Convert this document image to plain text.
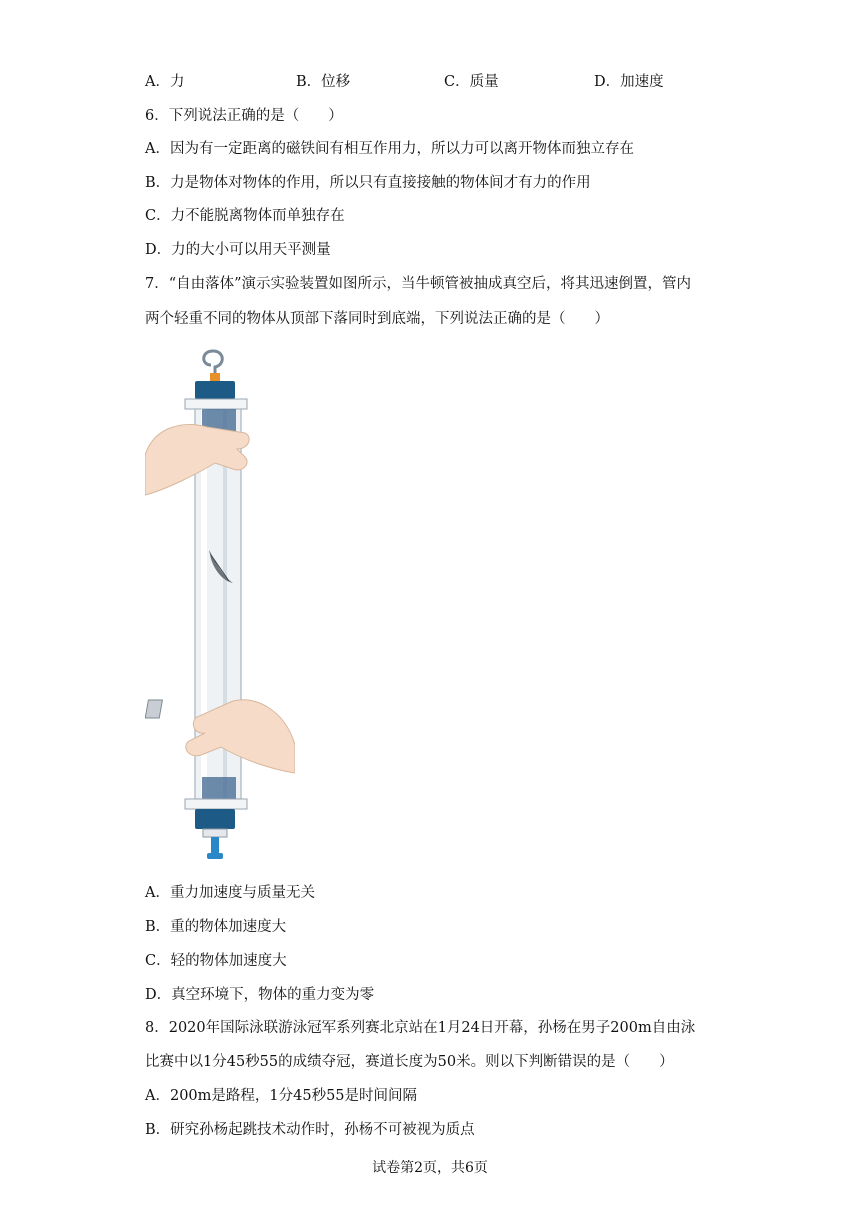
A．力	B．位移	C．质量	D．加速度
6．下列说法正确的是（　　）
A．因为有一定距离的磁铁间有相互作用力，所以力可以离开物体而独立存在
B．力是物体对物体的作用，所以只有直接接触的物体间才有力的作用
C．力不能脱离物体而单独存在
D．力的大小可以用天平测量
7．“自由落体”演示实验装置如图所示，当牛顿管被抽成真空后，将其迅速倒置，管内
两个轻重不同的物体从顶部下落同时到底端，下列说法正确的是（　　）
A．重力加速度与质量无关
B．重的物体加速度大
C．轻的物体加速度大
D．真空环境下，物体的重力变为零
8．2020年国际泳联游泳冠军系列赛北京站在1月24日开幕，孙杨在男子200m自由泳
比赛中以1分45秒55的成绩夺冠，赛道长度为50米。则以下判断错误的是（　　）
A．200m是路程，1分45秒55是时间间隔
B．研究孙杨起跳技术动作时，孙杨不可被视为质点
试卷第2页，共6页
